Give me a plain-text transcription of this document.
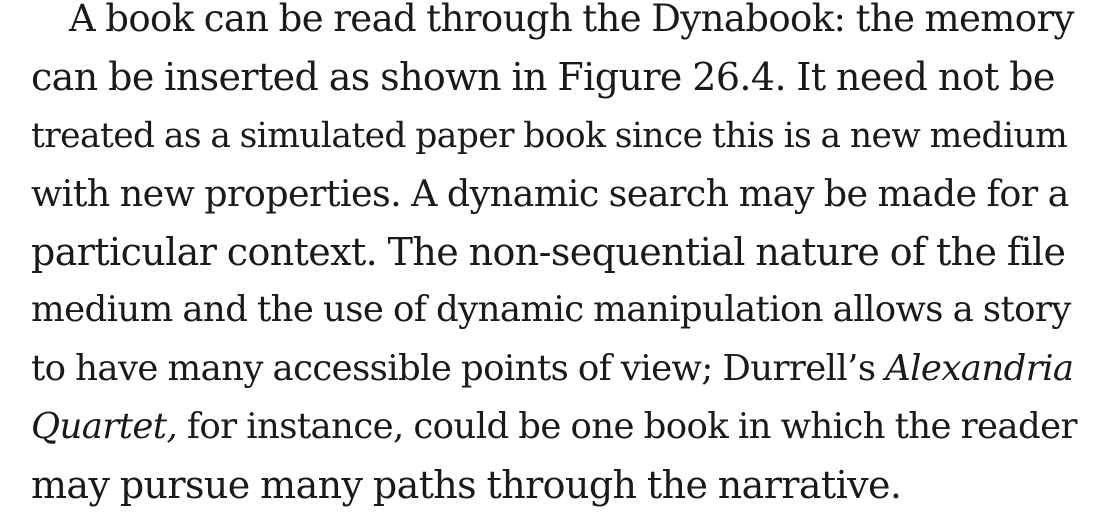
A book can be read through the Dynabook: the memory
can be inserted as shown in Figure 26.4. It need not be
treated as a simulated paper book since this is a new medium
with new properties. A dynamic search may be made for a
particular context. The non-sequential nature of the file
medium and the use of dynamic manipulation allows a story
to have many accessible points of view; Durrell’s Alexandria
Quartet, for instance, could be one book in which the reader
may pursue many paths through the narrative.
